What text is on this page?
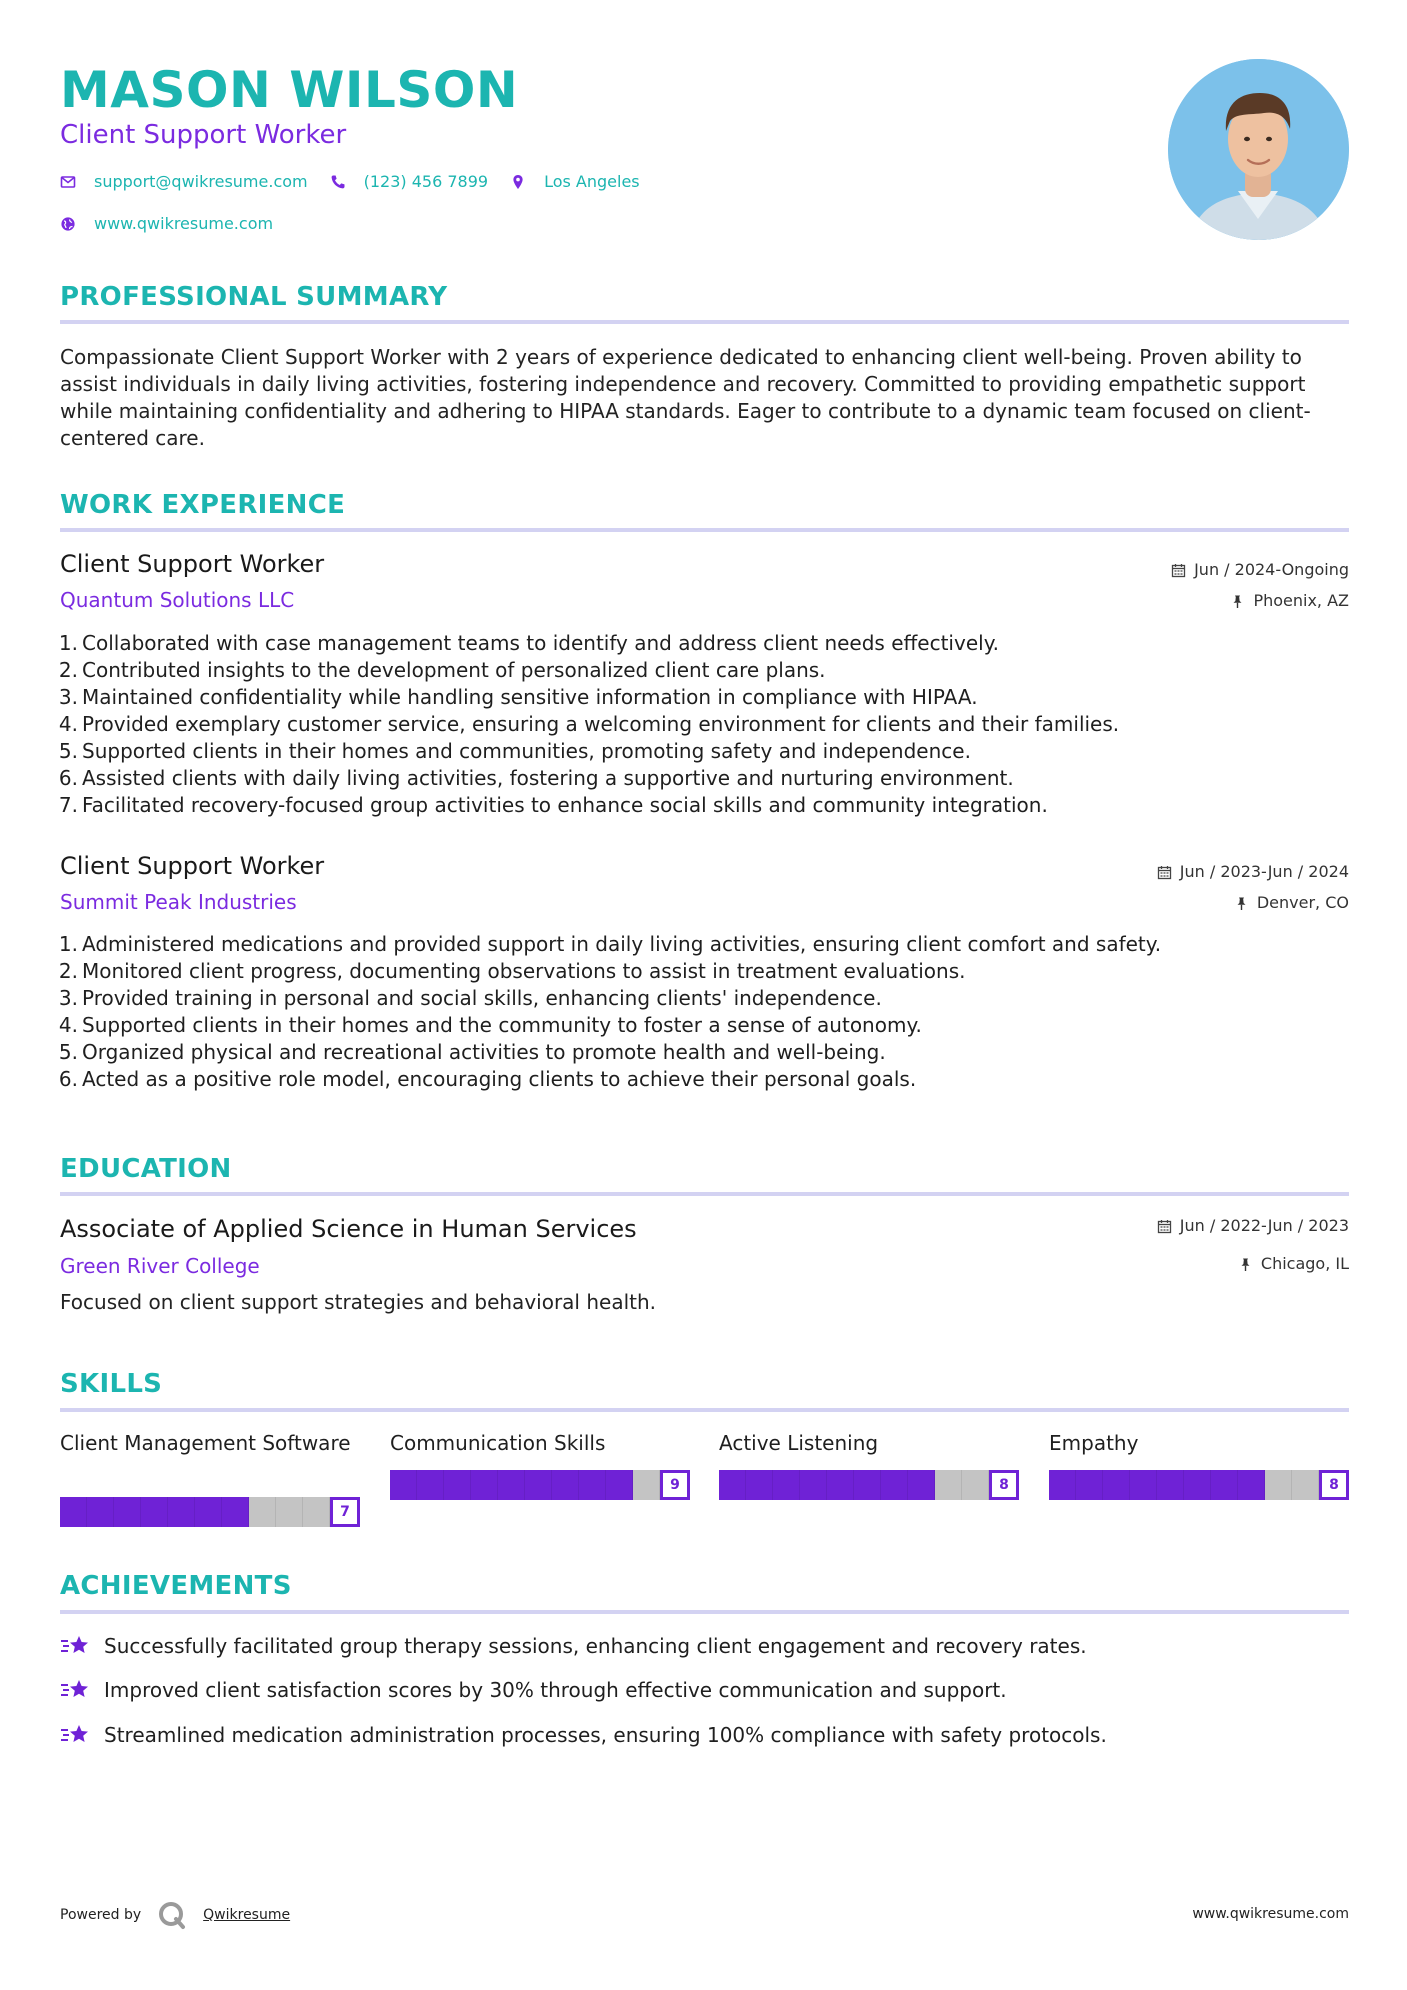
MASON WILSON
Client Support Worker
support@qwikresume.com	(123) 456 7899	Los Angeles
www.qwikresume.com
PROFESSIONAL SUMMARY
Compassionate Client Support Worker with 2 years of experience dedicated to enhancing client well-being. Proven ability to assist individuals in daily living activities, fostering independence and recovery. Committed to providing empathetic support while maintaining confidentiality and adhering to HIPAA standards. Eager to contribute to a dynamic team focused on client-centered care.
WORK EXPERIENCE
Client Support Worker
Quantum Solutions LLC
Jun / 2024-Ongoing
Phoenix, AZ
1. Collaborated with case management teams to identify and address client needs effectively.
2. Contributed insights to the development of personalized client care plans.
3. Maintained confidentiality while handling sensitive information in compliance with HIPAA.
4. Provided exemplary customer service, ensuring a welcoming environment for clients and their families.
5. Supported clients in their homes and communities, promoting safety and independence.
6. Assisted clients with daily living activities, fostering a supportive and nurturing environment.
7. Facilitated recovery-focused group activities to enhance social skills and community integration.
Client Support Worker
Summit Peak Industries
Jun / 2023-Jun / 2024
Denver, CO
1. Administered medications and provided support in daily living activities, ensuring client comfort and safety.
2. Monitored client progress, documenting observations to assist in treatment evaluations.
3. Provided training in personal and social skills, enhancing clients' independence.
4. Supported clients in their homes and the community to foster a sense of autonomy.
5. Organized physical and recreational activities to promote health and well-being.
6. Acted as a positive role model, encouraging clients to achieve their personal goals.
EDUCATION
Associate of Applied Science in Human Services
Green River College
Jun / 2022-Jun / 2023
Chicago, IL
Focused on client support strategies and behavioral health.
SKILLS
Client Management Software
7
Communication Skills
9
Active Listening
8
Empathy
8
ACHIEVEMENTS
Successfully facilitated group therapy sessions, enhancing client engagement and recovery rates.
Improved client satisfaction scores by 30% through effective communication and support.
Streamlined medication administration processes, ensuring 100% compliance with safety protocols.
Powered by	Qwikresume	www.qwikresume.com
